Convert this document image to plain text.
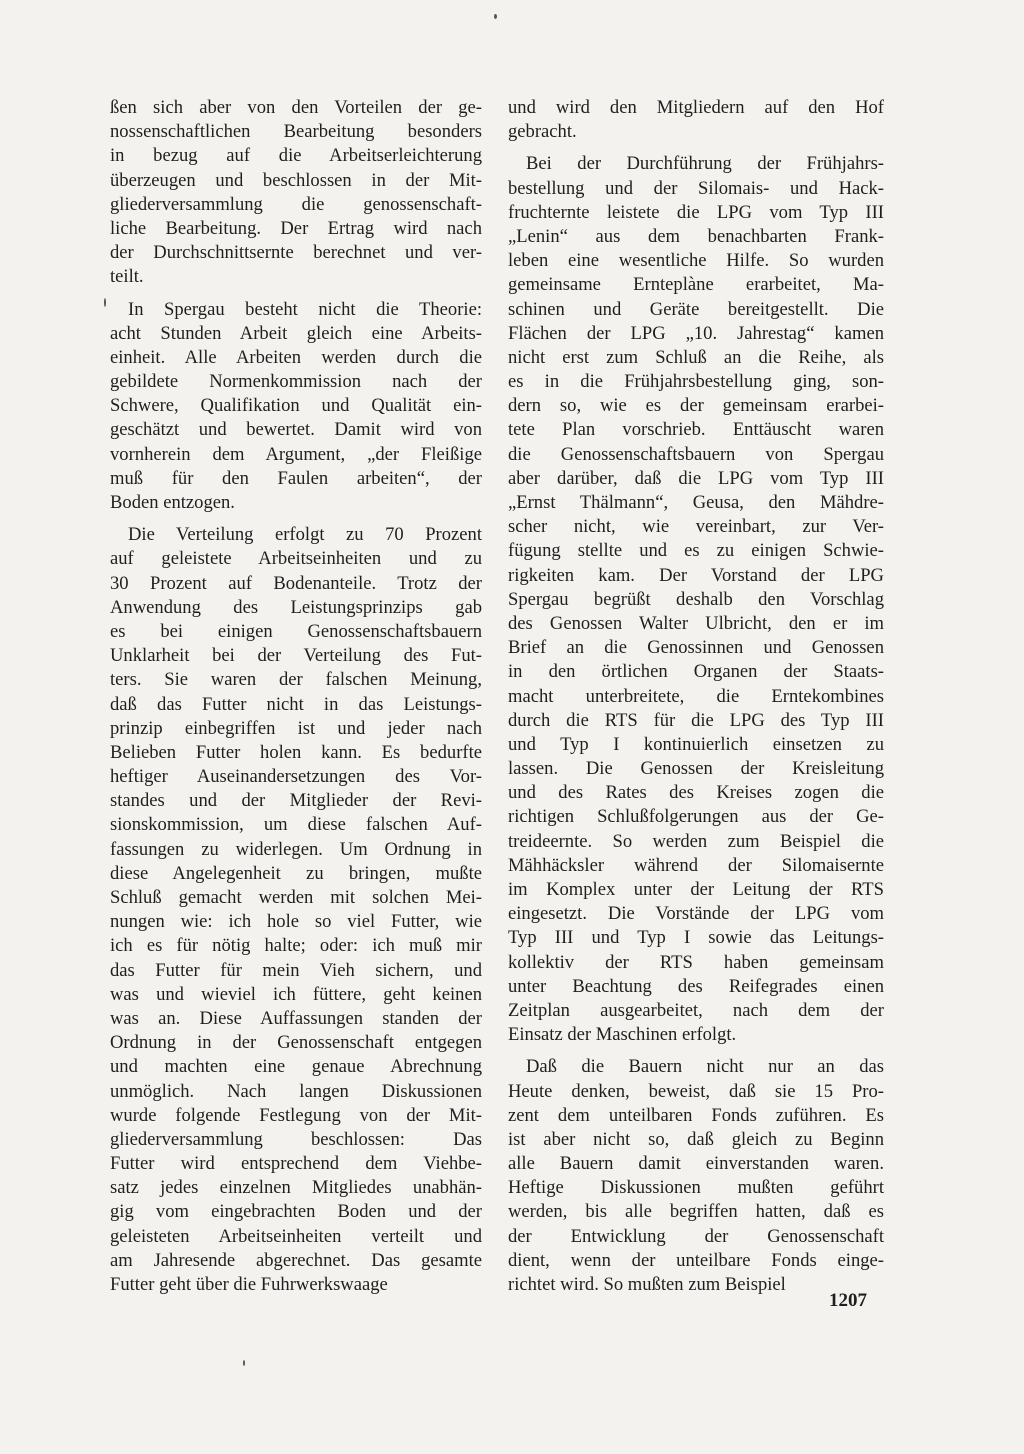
ßen sich aber von den Vorteilen der ge-
nossenschaftlichen Bearbeitung besonders
in bezug auf die Arbeitserleichterung
überzeugen und beschlossen in der Mit-
gliederversammlung die genossenschaft-
liche Bearbeitung. Der Ertrag wird nach
der Durchschnittsernte berechnet und ver-
teilt.
In Spergau besteht nicht die Theorie:
acht Stunden Arbeit gleich eine Arbeits-
einheit. Alle Arbeiten werden durch die
gebildete Normenkommission nach der
Schwere, Qualifikation und Qualität ein-
geschätzt und bewertet. Damit wird von
vornherein dem Argument, „der Fleißige
muß für den Faulen arbeiten“, der
Boden entzogen.
Die Verteilung erfolgt zu 70 Prozent
auf geleistete Arbeitseinheiten und zu
30 Prozent auf Bodenanteile. Trotz der
Anwendung des Leistungsprinzips gab
es bei einigen Genossenschaftsbauern
Unklarheit bei der Verteilung des Fut-
ters. Sie waren der falschen Meinung,
daß das Futter nicht in das Leistungs-
prinzip einbegriffen ist und jeder nach
Belieben Futter holen kann. Es bedurfte
heftiger Auseinandersetzungen des Vor-
standes und der Mitglieder der Revi-
sionskommission, um diese falschen Auf-
fassungen zu widerlegen. Um Ordnung in
diese Angelegenheit zu bringen, mußte
Schluß gemacht werden mit solchen Mei-
nungen wie: ich hole so viel Futter, wie
ich es für nötig halte; oder: ich muß mir
das Futter für mein Vieh sichern, und
was und wieviel ich füttere, geht keinen
was an. Diese Auffassungen standen der
Ordnung in der Genossenschaft entgegen
und machten eine genaue Abrechnung
unmöglich. Nach langen Diskussionen
wurde folgende Festlegung von der Mit-
gliederversammlung beschlossen: Das
Futter wird entsprechend dem Viehbe-
satz jedes einzelnen Mitgliedes unabhän-
gig vom eingebrachten Boden und der
geleisteten Arbeitseinheiten verteilt und
am Jahresende abgerechnet. Das gesamte
Futter geht über die Fuhrwerkswaage
und wird den Mitgliedern auf den Hof
gebracht.
Bei der Durchführung der Frühjahrs-
bestellung und der Silomais- und Hack-
fruchternte leistete die LPG vom Typ III
„Lenin“ aus dem benachbarten Frank-
leben eine wesentliche Hilfe. So wurden
gemeinsame Ernteplàne erarbeitet, Ma-
schinen und Geräte bereitgestellt. Die
Flächen der LPG „10. Jahrestag“ kamen
nicht erst zum Schluß an die Reihe, als
es in die Frühjahrsbestellung ging, son-
dern so, wie es der gemeinsam erarbei-
tete Plan vorschrieb. Enttäuscht waren
die Genossenschaftsbauern von Spergau
aber darüber, daß die LPG vom Typ III
„Ernst Thälmann“, Geusa, den Mähdre-
scher nicht, wie vereinbart, zur Ver-
fügung stellte und es zu einigen Schwie-
rigkeiten kam. Der Vorstand der LPG
Spergau begrüßt deshalb den Vorschlag
des Genossen Walter Ulbricht, den er im
Brief an die Genossinnen und Genossen
in den örtlichen Organen der Staats-
macht unterbreitete, die Erntekombines
durch die RTS für die LPG des Typ III
und Typ I kontinuierlich einsetzen zu
lassen. Die Genossen der Kreisleitung
und des Rates des Kreises zogen die
richtigen Schlußfolgerungen aus der Ge-
treideernte. So werden zum Beispiel die
Mähhäcksler während der Silomaisernte
im Komplex unter der Leitung der RTS
eingesetzt. Die Vorstände der LPG vom
Typ III und Typ I sowie das Leitungs-
kollektiv der RTS haben gemeinsam
unter Beachtung des Reifegrades einen
Zeitplan ausgearbeitet, nach dem der
Einsatz der Maschinen erfolgt.
Daß die Bauern nicht nur an das
Heute denken, beweist, daß sie 15 Pro-
zent dem unteilbaren Fonds zuführen. Es
ist aber nicht so, daß gleich zu Beginn
alle Bauern damit einverstanden waren.
Heftige Diskussionen mußten geführt
werden, bis alle begriffen hatten, daß es
der Entwicklung der Genossenschaft
dient, wenn der unteilbare Fonds einge-
richtet wird. So mußten zum Beispiel
1207
